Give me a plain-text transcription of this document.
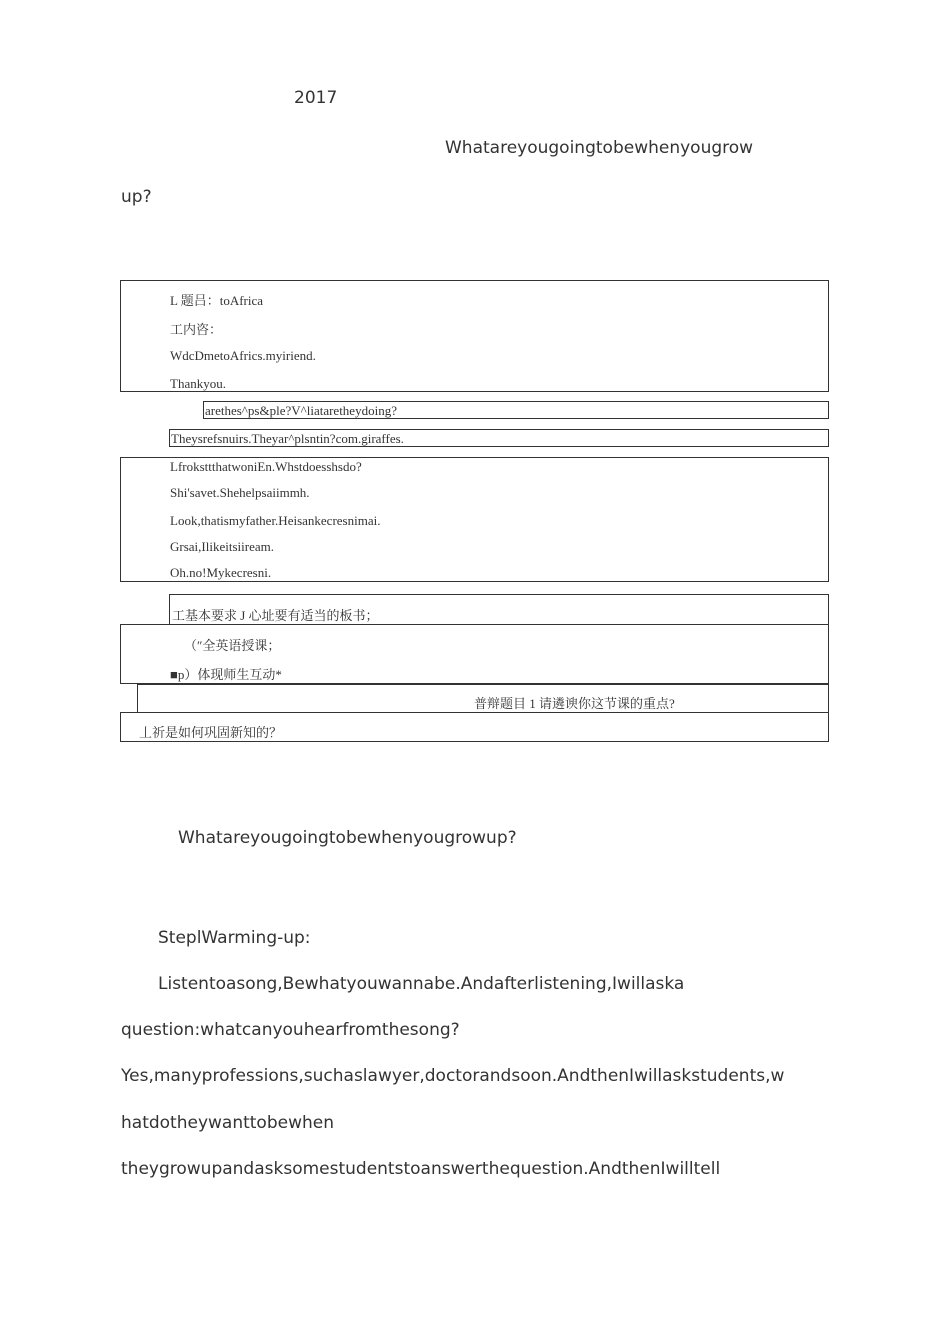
2017
Whatareyougoingtobewhenyougrow
up?
L 题吕：toAfrica
工内咨：
WdcDmetoAfrics.myiriend.
Thankyou.
arethes^ps&ple?V^liataretheydoing?
Theysrefsnuirs.Theyar^plsntin?com.giraffes.
LfroksttthatwoniEn.Whstdoesshsdo?
Shi'savet.Shehelpsaiimmh.
Look,thatismyfather.Heisankecresnimai.
Grsai,Ilikeitsiiream.
Oh.no!Mykecresni.
工基本要求 J 心址要有适当的板书；
（″全英语授课；
■p）体现师生互动*
普辩题目 1 请遴谀你这节课的重点?
丄祈是如何巩固新知的？
Whatareyougoingtobewhenyougrowup?
SteplWarming-up:
Listentoasong,Bewhatyouwannabe.Andafterlistening,Iwillaska
question:whatcanyouhearfromthesong?
Yes,manyprofessions,suchaslawyer,doctorandsoon.AndthenIwillaskstudents,w
hatdotheywanttobewhen
theygrowupandasksomestudentstoanswerthequestion.AndthenIwilltell
